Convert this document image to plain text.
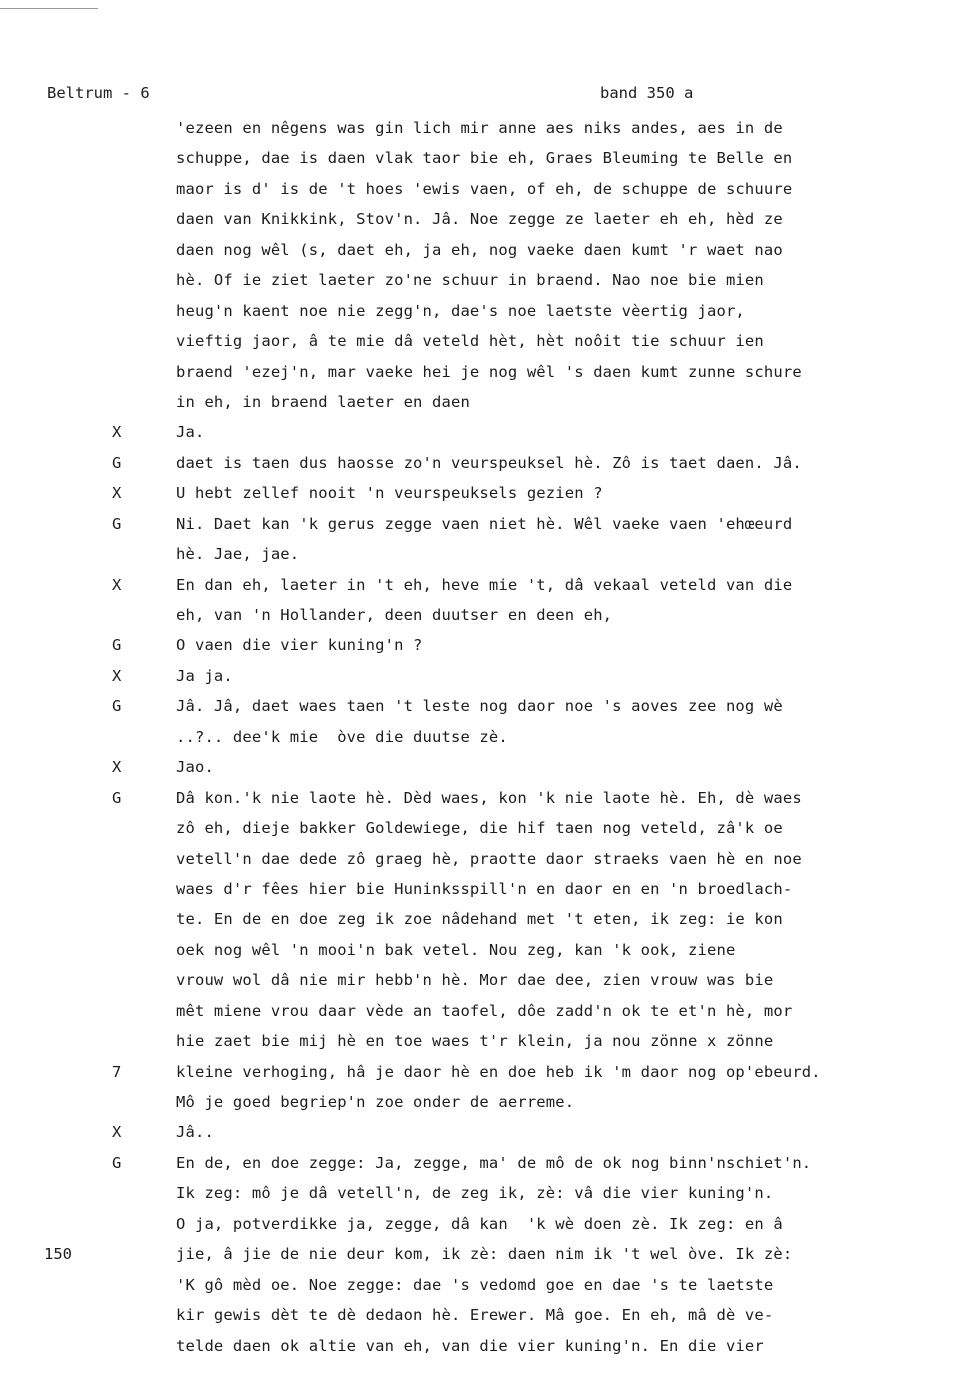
Beltrum - 6	band 350 a
'ezeen en nêgens was gin lich mir anne aes niks andes, aes in de
schuppe, dae is daen vlak taor bie eh, Graes Bleuming te Belle en
maor is d' is de 't hoes 'ewis vaen, of eh, de schuppe de schuure
daen van Knikkink, Stov'n. Jâ. Noe zegge ze laeter eh eh, hèd ze
daen nog wêl (s, daet eh, ja eh, nog vaeke daen kumt 'r waet nao
hè. Of ie ziet laeter zo'ne schuur in braend. Nao noe bie mien
heug'n kaent noe nie zegg'n, dae's noe laetste vèertig jaor,
vieftig jaor, â te mie dâ veteld hèt, hèt noôit tie schuur ien
braend 'ezej'n, mar vaeke hei je nog wêl 's daen kumt zunne schure
in eh, in braend laeter en daen
X	Ja.
G	daet is taen dus haosse zo'n veurspeuksel hè. Zô is taet daen. Jâ.
X	U hebt zellef nooit 'n veurspeuksels gezien ?
G	Ni. Daet kan 'k gerus zegge vaen niet hè. Wêl vaeke vaen 'ehœeurd
hè. Jae, jae.
X	En dan eh, laeter in 't eh, heve mie 't, dâ vekaal veteld van die
eh, van 'n Hollander, deen duutser en deen eh,
G	O vaen die vier kuning'n ?
X	Ja ja.
G	Jâ. Jâ, daet waes taen 't leste nog daor noe 's aoves zee nog wè
..?.. dee'k mie  òve die duutse zè.
X	Jao.
G	Dâ kon.'k nie laote hè. Dèd waes, kon 'k nie laote hè. Eh, dè waes
zô eh, dieje bakker Goldewiege, die hif taen nog veteld, zâ'k oe
vetell'n dae dede zô graeg hè, praotte daor straeks vaen hè en noe
waes d'r fêes hier bie Huninksspill'n en daor en en 'n broedlach-
te. En de en doe zeg ik zoe nâdehand met 't eten, ik zeg: ie kon
oek nog wêl 'n mooi'n bak vetel. Nou zeg, kan 'k ook, ziene
vrouw wol dâ nie mir hebb'n hè. Mor dae dee, zien vrouw was bie
mêt miene vrou daar vède an taofel, dôe zadd'n ok te et'n hè, mor
hie zaet bie mij hè en toe waes t'r klein, ja nou zönne x zönne
7	kleine verhoging, hâ je daor hè en doe heb ik 'm daor nog op'ebeurd.
Mô je goed begriep'n zoe onder de aerreme.
X	Jâ..
G	En de, en doe zegge: Ja, zegge, ma' de mô de ok nog binn'nschiet'n.
Ik zeg: mô je dâ vetell'n, de zeg ik, zè: vâ die vier kuning'n.
O ja, potverdikke ja, zegge, dâ kan  'k wè doen zè. Ik zeg: en â
150	jie, â jie de nie deur kom, ik zè: daen nim ik 't wel òve. Ik zè:
'K gô mèd oe. Noe zegge: dae 's vedomd goe en dae 's te laetste
kir gewis dèt te dè dedaon hè. Erewer. Mâ goe. En eh, mâ dè ve-
telde daen ok altie van eh, van die vier kuning'n. En die vier
